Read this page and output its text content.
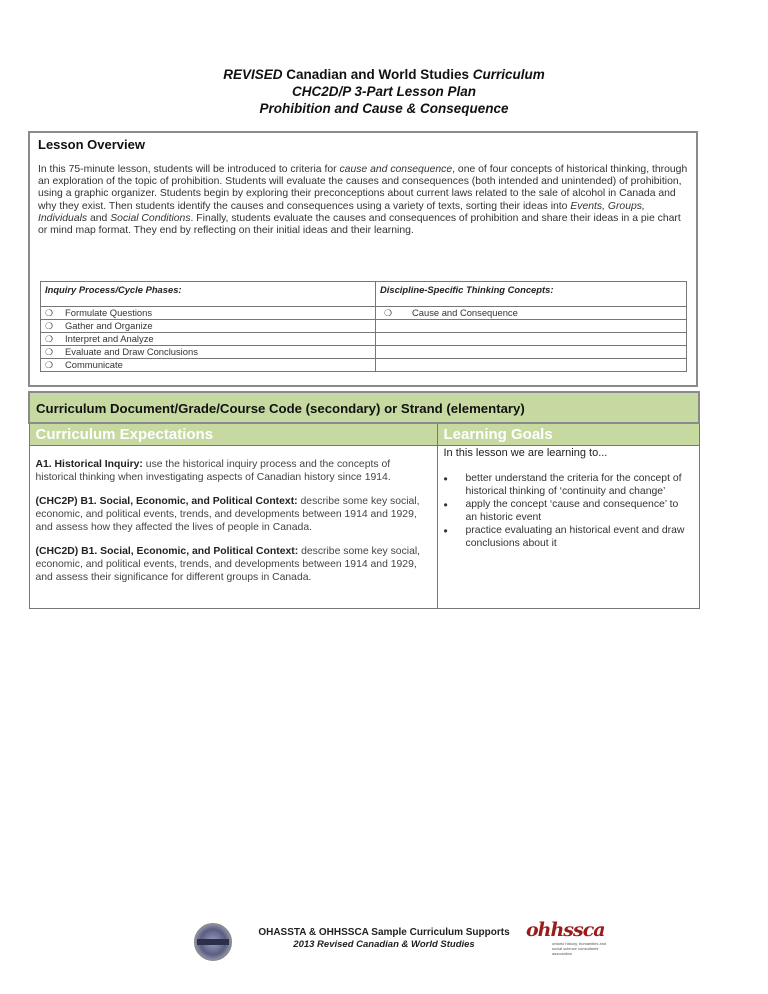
REVISED Canadian and World Studies Curriculum
CHC2D/P 3-Part Lesson Plan
Prohibition and Cause & Consequence
Lesson Overview
In this 75-minute lesson, students will be introduced to criteria for cause and consequence, one of four concepts of historical thinking, through an exploration of the topic of prohibition. Students will evaluate the causes and consequences (both intended and unintended) of prohibition, using a graphic organizer. Students begin by exploring their preconceptions about current laws related to the sale of alcohol in Canada and why they exist. Then students identify the causes and consequences using a variety of texts, sorting their ideas into Events, Groups, Individuals and Social Conditions. Finally, students evaluate the causes and consequences of prohibition and share their ideas in a pie chart or mind map format. They end by reflecting on their initial ideas and their learning.
Inquiry Process/Cycle Phases:	Discipline-Specific Thinking Concepts:
❍ Formulate Questions	❍ Cause and Consequence
❍ Gather and Organize	
❍ Interpret and Analyze	
❍ Evaluate and Draw Conclusions	
❍ Communicate	
Curriculum Document/Grade/Course Code (secondary) or Strand (elementary)	
Curriculum Expectations	Learning Goals

A1. Historical Inquiry: use the historical inquiry process and the concepts of historical thinking when investigating aspects of Canadian history since 1914.

(CHC2P) B1. Social, Economic, and Political Context: describe some key social, economic, and political events, trends, and developments between 1914 and 1929, and assess how they affected the lives of people in Canada.

(CHC2D) B1. Social, Economic, and Political Context: describe some key social, economic, and political events, trends, and developments between 1914 and 1929, and assess their significance for different groups in Canada.

In this lesson we are learning to...
• better understand the criteria for the concept of historical thinking of ‘continuity and change’
• apply the concept ‘cause and consequence’ to an historic event
• practice evaluating an historical event and draw conclusions about it
OHASSTA & OHHSSCA Sample Curriculum Supports
2013 Revised Canadian & World Studies
ohhssca
ontario history, humanities and social science consultants' association
